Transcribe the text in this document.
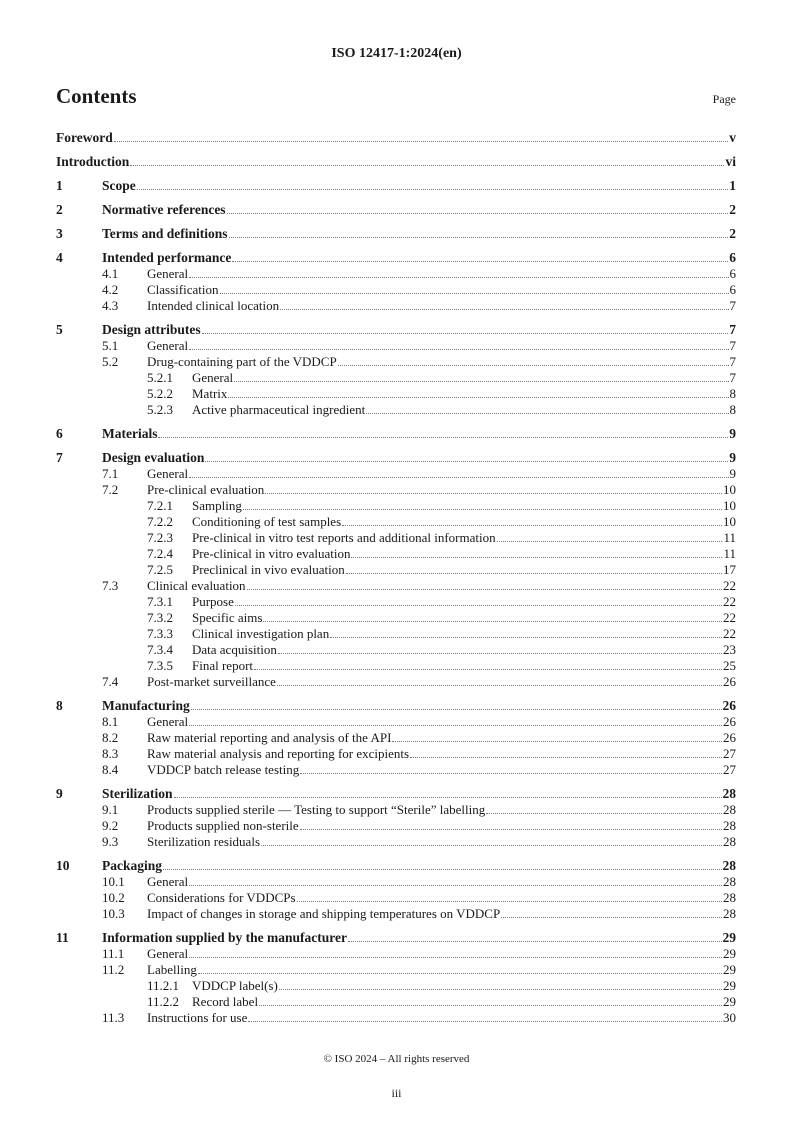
ISO 12417-1:2024(en)
Contents	Page
Foreword	v
Introduction	vi
1	Scope	1
2	Normative references	2
3	Terms and definitions	2
4	Intended performance	6
4.1	General	6
4.2	Classification	6
4.3	Intended clinical location	7
5	Design attributes	7
5.1	General	7
5.2	Drug-containing part of the VDDCP	7
5.2.1	General	7
5.2.2	Matrix	8
5.2.3	Active pharmaceutical ingredient	8
6	Materials	9
7	Design evaluation	9
7.1	General	9
7.2	Pre-clinical evaluation	10
7.2.1	Sampling	10
7.2.2	Conditioning of test samples	10
7.2.3	Pre-clinical in vitro test reports and additional information	11
7.2.4	Pre-clinical in vitro evaluation	11
7.2.5	Preclinical in vivo evaluation	17
7.3	Clinical evaluation	22
7.3.1	Purpose	22
7.3.2	Specific aims	22
7.3.3	Clinical investigation plan	22
7.3.4	Data acquisition	23
7.3.5	Final report	25
7.4	Post-market surveillance	26
8	Manufacturing	26
8.1	General	26
8.2	Raw material reporting and analysis of the API	26
8.3	Raw material analysis and reporting for excipients	27
8.4	VDDCP batch release testing	27
9	Sterilization	28
9.1	Products supplied sterile — Testing to support “Sterile” labelling	28
9.2	Products supplied non-sterile	28
9.3	Sterilization residuals	28
10	Packaging	28
10.1	General	28
10.2	Considerations for VDDCPs	28
10.3	Impact of changes in storage and shipping temperatures on VDDCP	28
11	Information supplied by the manufacturer	29
11.1	General	29
11.2	Labelling	29
11.2.1 VDDCP label(s)	29
11.2.2 Record label	29
11.3	Instructions for use	30
© ISO 2024 – All rights reserved
iii
